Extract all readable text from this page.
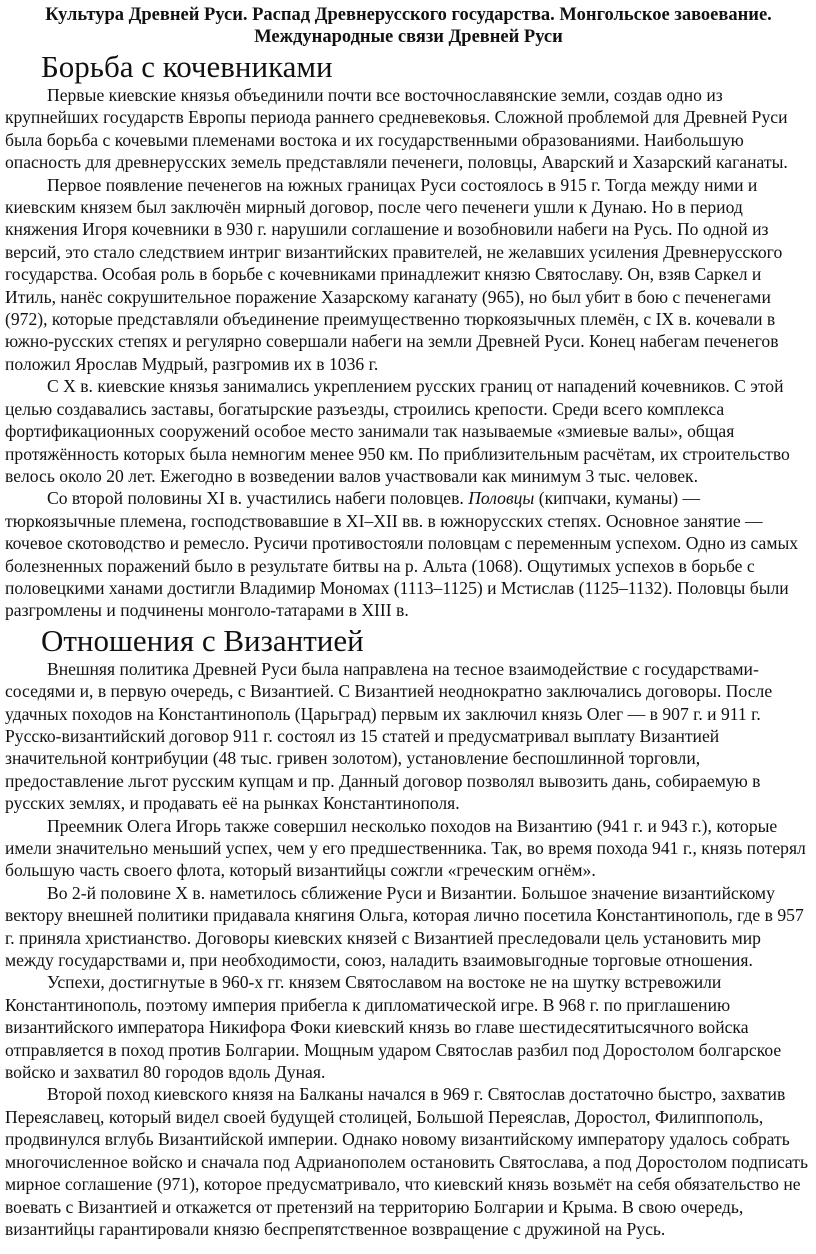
Культура Древней Руси. Распад Древнерусского государства. Монгольское завоевание. Международные связи Древней Руси
Борьба с кочевниками

Первые киевские князья объединили почти все восточнославянские земли, создав одно из крупнейших государств Европы периода раннего средневековья. Сложной проблемой для Древней Руси была борьба с кочевыми племенами востока и их государственными образованиями. Наибольшую опасность для древнерусских земель представляли печенеги, половцы, Аварский и Хазарский каганаты.

Первое появление печенегов на южных границах Руси состоялось в 915 г. Тогда между ними и киевским князем был заключён мирный договор, после чего печенеги ушли к Дунаю. Но в период княжения Игоря кочевники в 930 г. нарушили соглашение и возобновили набеги на Русь. По одной из версий, это стало следствием интриг византийских правителей, не желавших усиления Древнерусского государства. Особая роль в борьбе с кочевниками принадлежит князю Святославу. Он, взяв Саркел и Итиль, нанёс сокрушительное поражение Хазарскому каганату (965), но был убит в бою с печенегами (972), которые представляли объединение преимущественно тюркоязычных племён, с IX в. кочевали в южно-русских степях и регулярно совершали набеги на земли Древней Руси. Конец набегам печенегов положил Ярослав Мудрый, разгромив их в 1036 г.

С X в. киевские князья занимались укреплением русских границ от нападений кочевников. С этой целью создавались заставы, богатырские разъезды, строились крепости. Среди всего комплекса фортификационных сооружений особое место занимали так называемые «змиевые валы», общая протяжённость которых была немногим менее 950 км. По приблизительным расчётам, их строительство велось около 20 лет. Ежегодно в возведении валов участвовали как минимум 3 тыс. человек.

Со второй половины XI в. участились набеги половцев. Половцы (кипчаки, куманы) — тюркоязычные племена, господствовавшие в XI–XII вв. в южнорусских степях. Основное занятие — кочевое скотоводство и ремесло. Русичи противостояли половцам с переменным успехом. Одно из самых болезненных поражений было в результате битвы на р. Альта (1068). Ощутимых успехов в борьбе с половецкими ханами достигли Владимир Мономах (1113–1125) и Мстислав (1125–1132). Половцы были разгромлены и подчинены монголо-татарами в XIII в.

Отношения с Византией

Внешняя политика Древней Руси была направлена на тесное взаимодействие с государствами-соседями и, в первую очередь, с Византией. С Византией неоднократно заключались договоры. После удачных походов на Константинополь (Царьград) первым их заключил князь Олег — в 907 г. и 911 г. Русско-византийский договор 911 г. состоял из 15 статей и предусматривал выплату Византией значительной контрибуции (48 тыс. гривен золотом), установление беспошлинной торговли, предоставление льгот русским купцам и пр. Данный договор позволял вывозить дань, собираемую в русских землях, и продавать её на рынках Константинополя.

Преемник Олега Игорь также совершил несколько походов на Византию (941 г. и 943 г.), которые имели значительно меньший успех, чем у его предшественника. Так, во время похода 941 г., князь потерял большую часть своего флота, который византийцы сожгли «греческим огнём».

Во 2-й половине X в. наметилось сближение Руси и Византии. Большое значение византийскому вектору внешней политики придавала княгиня Ольга, которая лично посетила Константинополь, где в 957 г. приняла христианство. Договоры киевских князей с Византией преследовали цель установить мир между государствами и, при необходимости, союз, наладить взаимовыгодные торговые отношения.

Успехи, достигнутые в 960-х гг. князем Святославом на востоке не на шутку встревожили Константинополь, поэтому империя прибегла к дипломатической игре. В 968 г. по приглашению византийского императора Никифора Фоки киевский князь во главе шестидесятитысячного войска отправляется в поход против Болгарии. Мощным ударом Святослав разбил под Доростолом болгарское войско и захватил 80 городов вдоль Дуная.

Второй поход киевского князя на Балканы начался в 969 г. Святослав достаточно быстро, захватив Переяславец, который видел своей будущей столицей, Большой Переяслав, Доростол, Филиппополь, продвинулся вглубь Византийской империи. Однако новому византийскому императору удалось собрать многочисленное войско и сначала под Адрианополем остановить Святослава, а под Доростолом подписать мирное соглашение (971), которое предусматривало, что киевский князь возьмёт на себя обязательство не воевать с Византией и откажется от претензий на территорию Болгарии и Крыма. В свою очередь, византийцы гарантировали князю беспрепятственное возвращение с дружиной на Русь.
